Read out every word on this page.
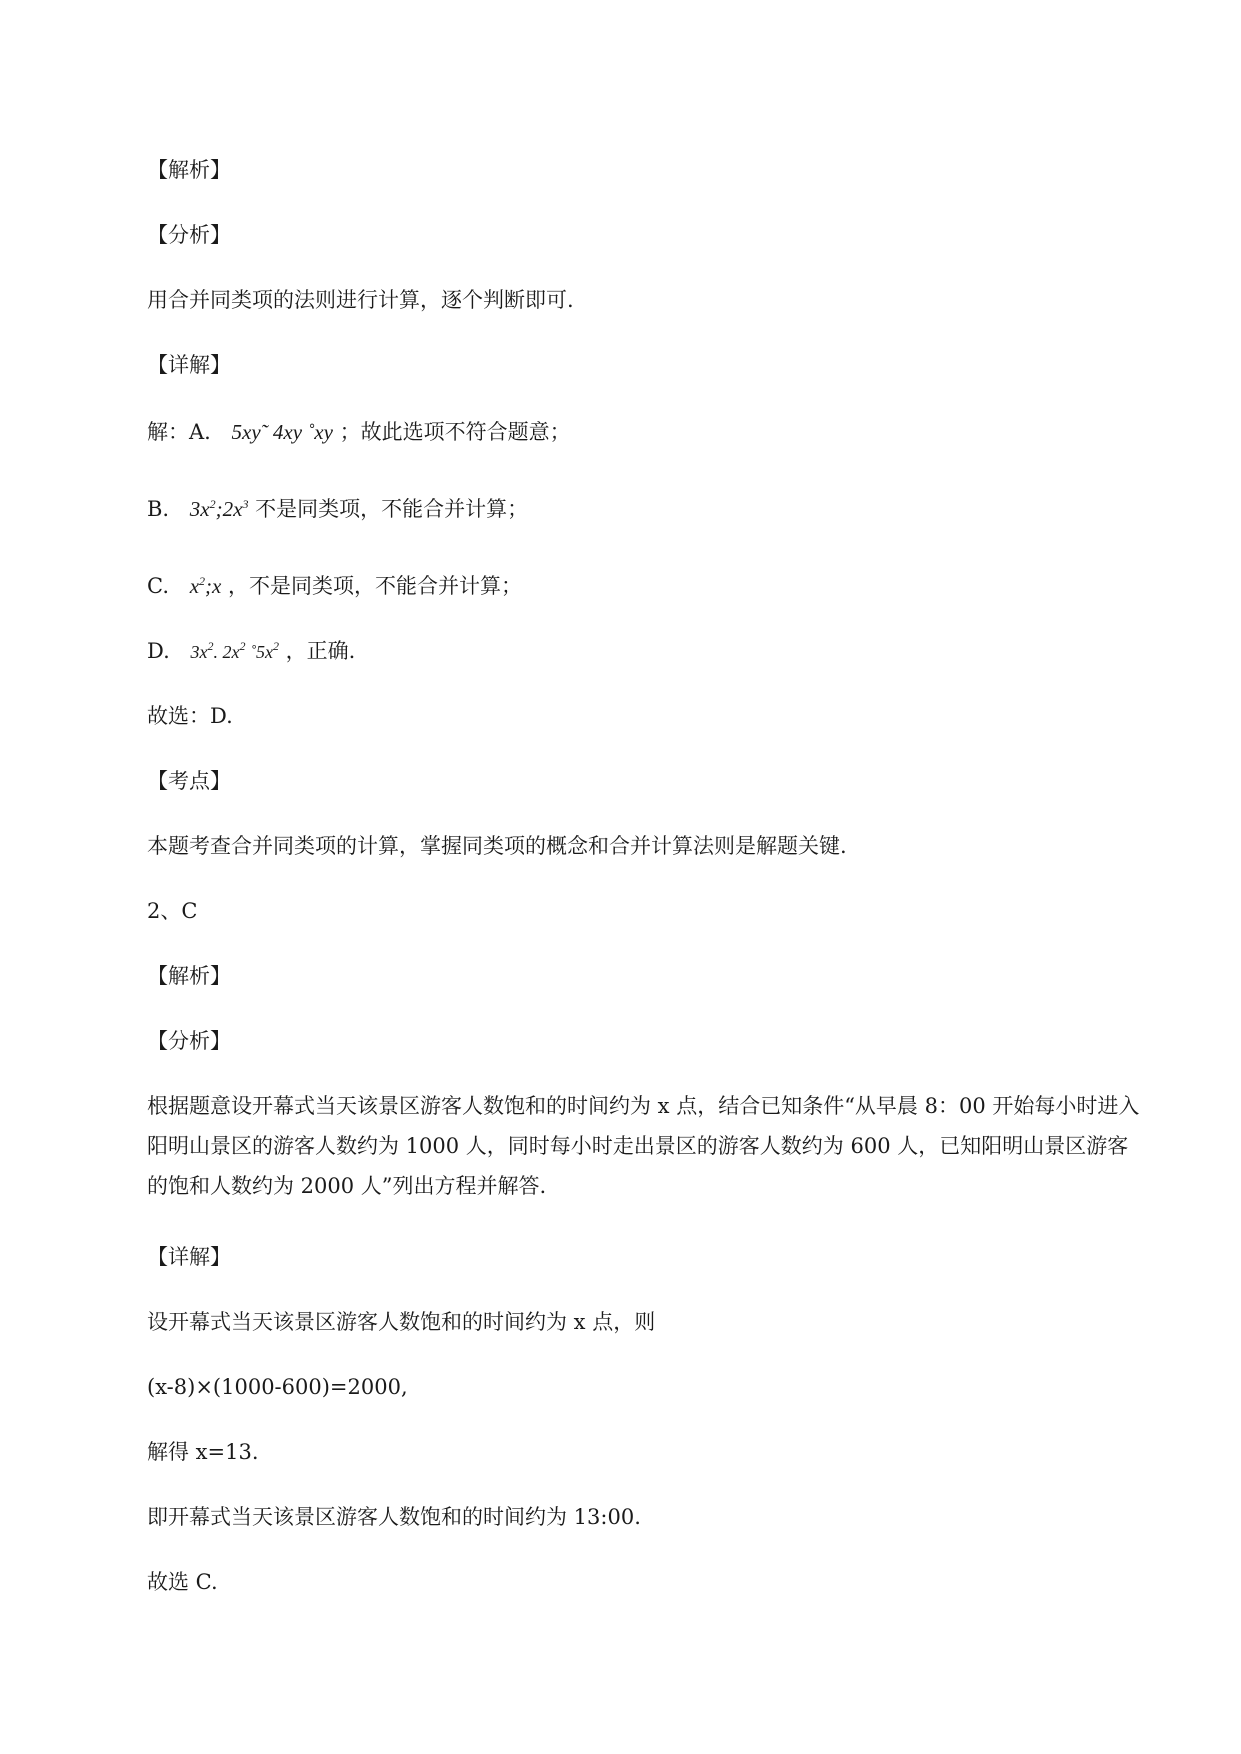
【解析】
【分析】
用合并同类项的法则进行计算，逐个判断即可.
【详解】
解：A. 5xy˜ 4xy ˚xy ；故此选项不符合题意；
B. $3x^2;2x^3$ 不是同类项，不能合并计算；
C. $x^2;x$ ，不是同类项，不能合并计算；
D. $3x^2$. $2x^2$ $˚5x^2$ ，正确.
故选：D.
【考点】
本题考查合并同类项的计算，掌握同类项的概念和合并计算法则是解题关键.
2、C
【解析】
【分析】
根据题意设开幕式当天该景区游客人数饱和的时间约为 x 点，结合已知条件“从早晨 8：00 开始每小时进入阳明山景区的游客人数约为 1000 人，同时每小时走出景区的游客人数约为 600 人，已知阳明山景区游客的饱和人数约为 2000 人”列出方程并解答.
【详解】
设开幕式当天该景区游客人数饱和的时间约为 x 点，则
(x-8)×(1000-600)=2000,
解得 x=13.
即开幕式当天该景区游客人数饱和的时间约为 13:00.
故选 C.
